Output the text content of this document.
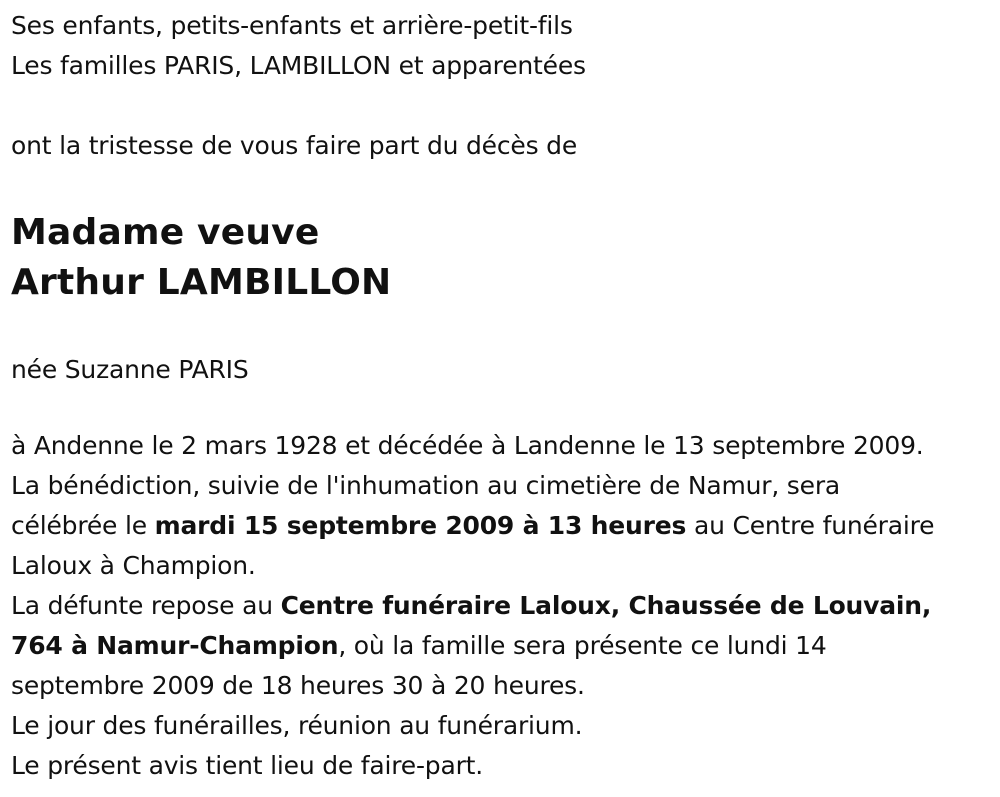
Ses enfants, petits-enfants et arrière-petit-fils
Les familles PARIS, LAMBILLON et apparentées
ont la tristesse de vous faire part du décès de
Madame veuve
Arthur LAMBILLON
née Suzanne PARIS
à Andenne le 2 mars 1928 et décédée à Landenne le 13 septembre 2009.
La bénédiction, suivie de l'inhumation au cimetière de Namur, sera
célébrée le mardi 15 septembre 2009 à 13 heures au Centre funéraire
Laloux à Champion.
La défunte repose au Centre funéraire Laloux, Chaussée de Louvain,
764 à Namur-Champion, où la famille sera présente ce lundi 14
septembre 2009 de 18 heures 30 à 20 heures.
Le jour des funérailles, réunion au funérarium.
Le présent avis tient lieu de faire-part.
